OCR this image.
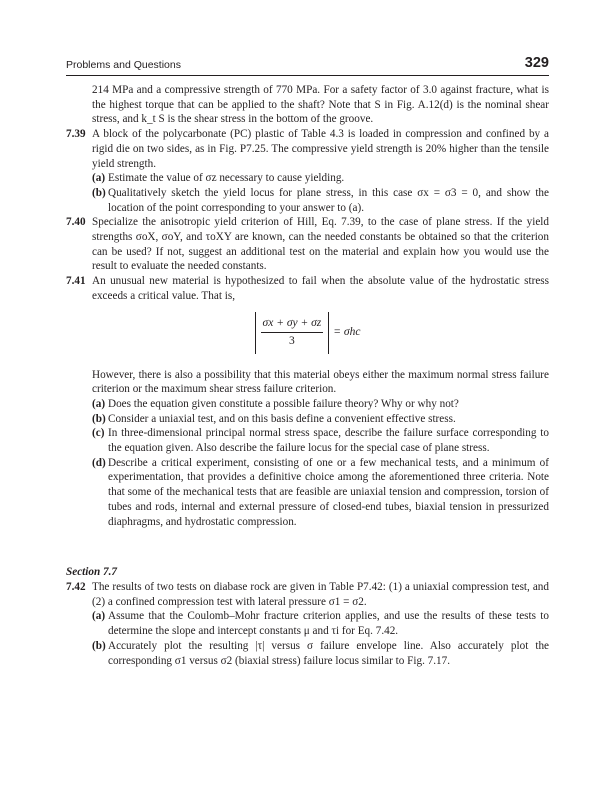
Problems and Questions	329

214 MPa and a compressive strength of 770 MPa. For a safety factor of 3.0 against fracture, what is the highest torque that can be applied to the shaft? Note that S in Fig. A.12(d) is the nominal shear stress, and k_t S is the shear stress in the bottom of the groove.

7.39 A block of the polycarbonate (PC) plastic of Table 4.3 is loaded in compression and confined by a rigid die on two sides, as in Fig. P7.25. The compressive yield strength is 20% higher than the tensile yield strength.

(a) Estimate the value of σz necessary to cause yielding.
(b) Qualitatively sketch the yield locus for plane stress, in this case σx = σ3 = 0, and show the location of the point corresponding to your answer to (a).
7.40 Specialize the anisotropic yield criterion of Hill, Eq. 7.39, to the case of plane stress. If the yield strengths σoX, σoY, and τoXY are known, can the needed constants be obtained so that the criterion can be used? If not, suggest an additional test on the material and explain how you would use the result to evaluate the needed constants.

7.41 An unusual new material is hypothesized to fail when the absolute value of the hydrostatic stress exceeds a critical value. That is,

$\frac{\sigma x + \sigma y + \sigma z}{3} = \sigma hc$

However, there is also a possibility that this material obeys either the maximum normal stress failure criterion or the maximum shear stress failure criterion.

(a) Does the equation given constitute a possible failure theory? Why or why not?
(b) Consider a uniaxial test, and on this basis define a convenient effective stress.
(c) In three-dimensional principal normal stress space, describe the failure surface corresponding to the equation given. Also describe the failure locus for the special case of plane stress.
(d) Describe a critical experiment, consisting of one or a few mechanical tests, and a minimum of experimentation, that provides a definitive choice among the aforementioned three criteria. Note that some of the mechanical tests that are feasible are uniaxial tension and compression, torsion of tubes and rods, internal and external pressure of closed-end tubes, biaxial tension in pressurized diaphragms, and hydrostatic compression.
Section 7.7
7.42 The results of two tests on diabase rock are given in Table P7.42: (1) a uniaxial compression test, and (2) a confined compression test with lateral pressure σ1 = σ2.

(a) Assume that the Coulomb–Mohr fracture criterion applies, and use the results of these tests to determine the slope and intercept constants μ and τi for Eq. 7.42.
(b) Accurately plot the resulting |τ| versus σ failure envelope line. Also accurately plot the corresponding σ1 versus σ2 (biaxial stress) failure locus similar to Fig. 7.17.
